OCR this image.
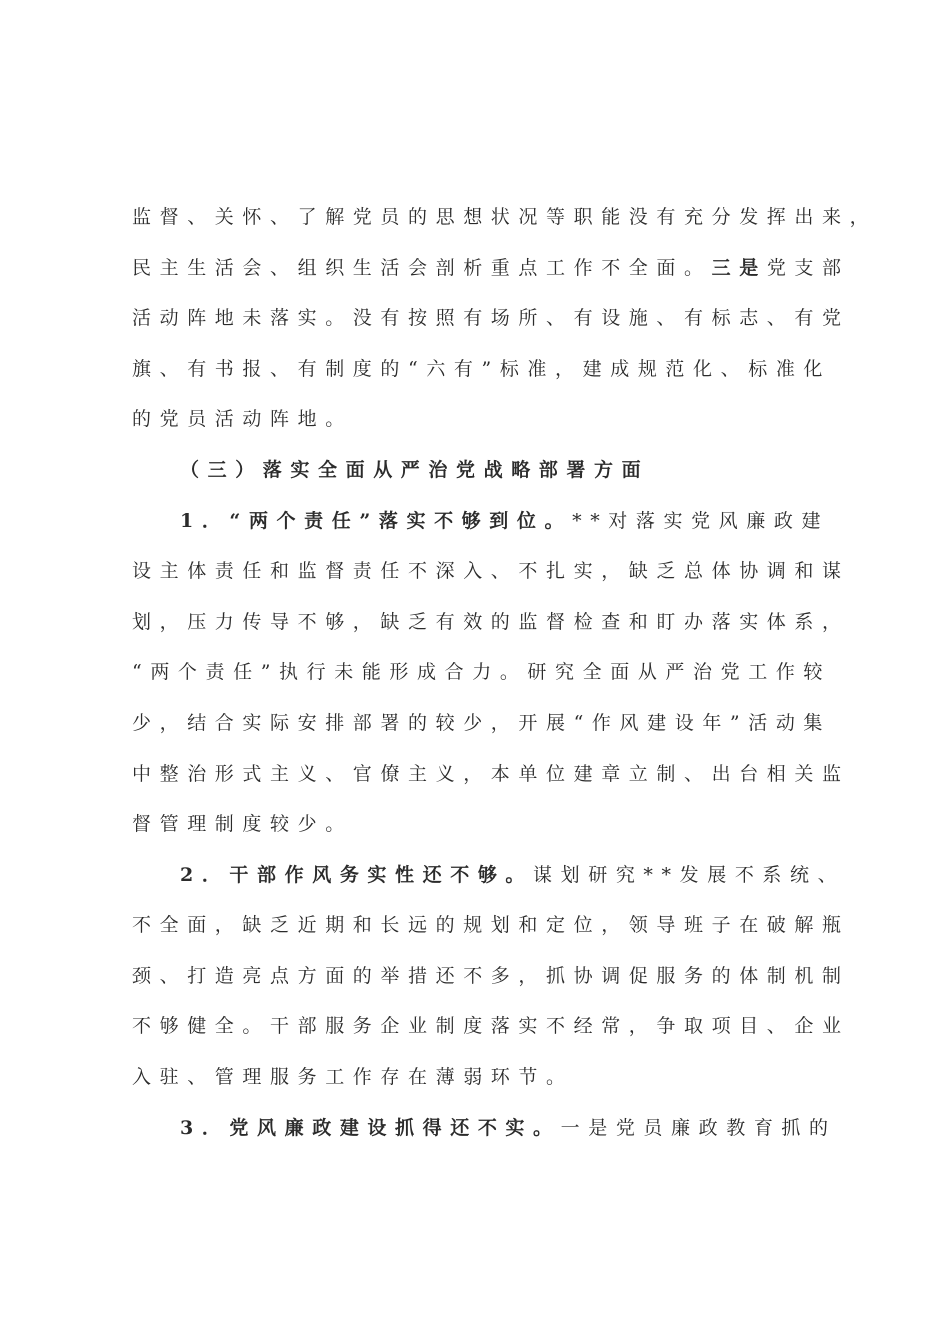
监督、关怀、了解党员的思想状况等职能没有充分发挥出来，
民主生活会、组织生活会剖析重点工作不全面。三是党支部
活动阵地未落实。没有按照有场所、有设施、有标志、有党
旗、有书报、有制度的“六有”标准，建成规范化、标准化
的党员活动阵地。
（三）落实全面从严治党战略部署方面
1．“两个责任”落实不够到位。**对落实党风廉政建
设主体责任和监督责任不深入、不扎实，缺乏总体协调和谋
划，压力传导不够，缺乏有效的监督检查和盯办落实体系，
“两个责任”执行未能形成合力。研究全面从严治党工作较
少，结合实际安排部署的较少，开展“作风建设年”活动集
中整治形式主义、官僚主义，本单位建章立制、出台相关监
督管理制度较少。
2．干部作风务实性还不够。谋划研究**发展不系统、
不全面，缺乏近期和长远的规划和定位，领导班子在破解瓶
颈、打造亮点方面的举措还不多，抓协调促服务的体制机制
不够健全。干部服务企业制度落实不经常，争取项目、企业
入驻、管理服务工作存在薄弱环节。
3．党风廉政建设抓得还不实。一是党员廉政教育抓的
